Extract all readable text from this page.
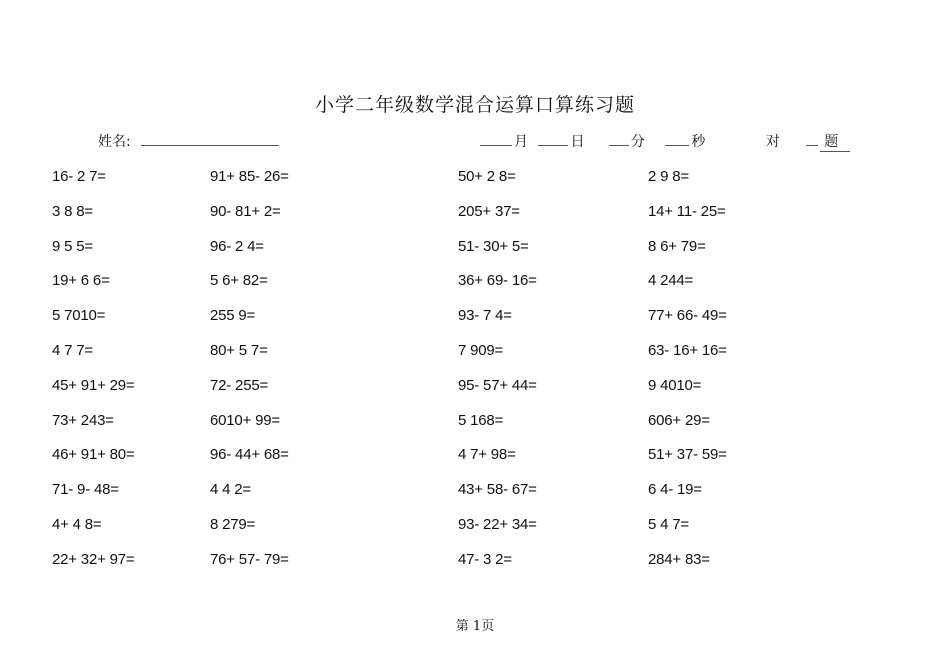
小学二年级数学混合运算口算练习题
姓名:	月	日	分	秒	对	题
16- 2 7=	91+ 85- 26=	50+ 2 8=	2 9 8=
3 8 8=	90- 81+ 2=	205+ 37=	14+ 11- 25=
9 5 5=	96- 2 4=	51- 30+ 5=	8 6+ 79=
19+ 6 6=	5 6+ 82=	36+ 69- 16=	4 244=
5 7010=	255 9=	93- 7 4=	77+ 66- 49=
4 7 7=	80+ 5 7=	7 909=	63- 16+ 16=
45+ 91+ 29=	72- 255=	95- 57+ 44=	9 4010=
73+ 243=	6010+ 99=	5 168=	606+ 29=
46+ 91+ 80=	96- 44+ 68=	4 7+ 98=	51+ 37- 59=
71- 9- 48=	4 4 2=	43+ 58- 67=	6 4- 19=
4+ 4 8=	8 279=	93- 22+ 34=	5 4 7=
22+ 32+ 97=	76+ 57- 79=	47- 3 2=	284+ 83=
第 1页
